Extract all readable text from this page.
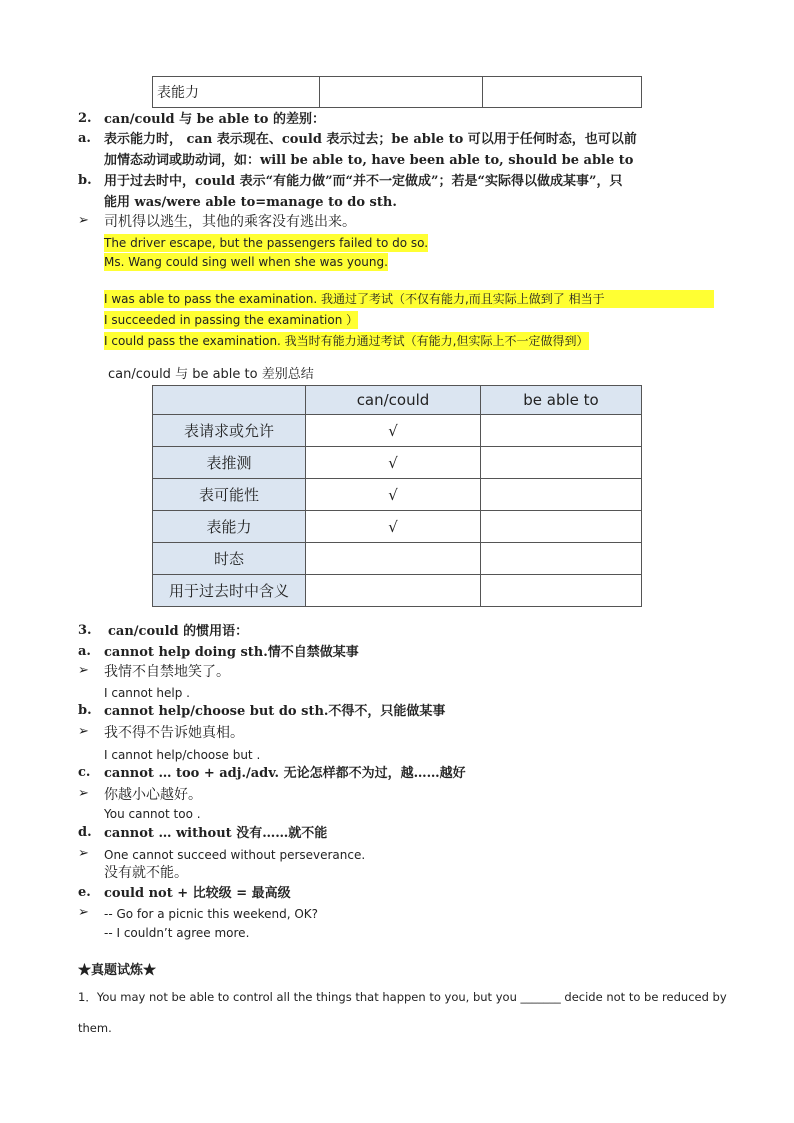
表能力		
2. can/could 与 be able to 的差别：
a. 表示能力时， can 表示现在、could 表示过去；be able to 可以用于任何时态，也可以前
加情态动词或助动词，如：will be able to, have been able to, should be able to
b. 用于过去时中，could 表示“有能力做”而“并不一定做成”；若是“实际得以做成某事”，只
能用 was/were able to=manage to do sth.
➢ 司机得以逃生，其他的乘客没有逃出来。
The driver escape, but the passengers failed to do so.
Ms. Wang could sing well when she was young.
I was able to pass the examination. 我通过了考试（不仅有能力,而且实际上做到了 相当于
I succeeded in passing the examination ）
I could pass the examination. 我当时有能力通过考试（有能力,但实际上不一定做得到）
can/could 与 be able to 差别总结
	can/could	be able to
表请求或允许	√	
表推测	√	
表可能性	√	
表能力	√	
时态		
用于过去时中含义		
3. can/could 的惯用语：
a. cannot help doing sth.情不自禁做某事
➢ 我情不自禁地笑了。
I cannot help .
b. cannot help/choose but do sth.不得不，只能做某事
➢ 我不得不告诉她真相。
I cannot help/choose but .
c. cannot … too + adj./adv. 无论怎样都不为过，越……越好
➢ 你越小心越好。
You cannot too .
d. cannot … without 没有……就不能
➢ One cannot succeed without perseverance.
没有就不能。
e. could not + 比较级 = 最高级
➢ -- Go for a picnic this weekend, OK?
-- I couldn’t agree more.
★真题试炼★
1．You may not be able to control all the things that happen to you, but you _______ decide not to be reduced by
them.
